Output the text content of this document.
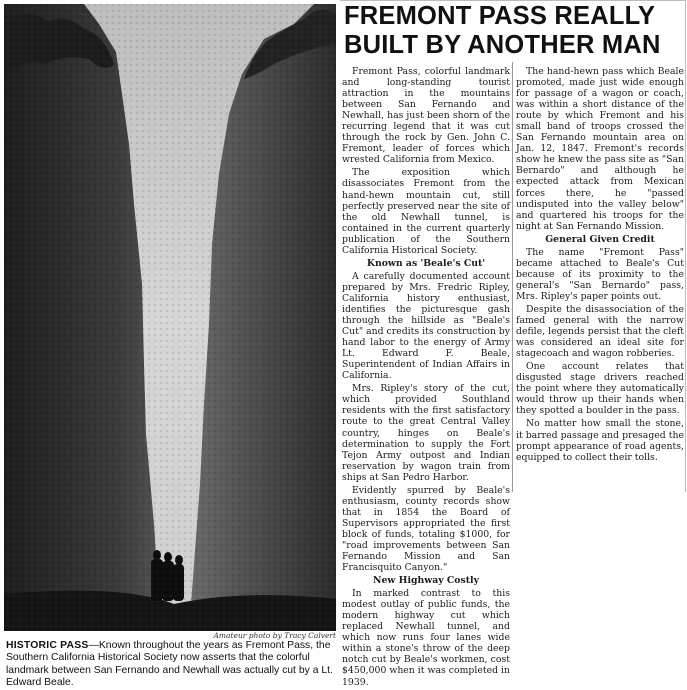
Amateur photo by Tracy Calvert
HISTORIC PASS—Known throughout the years as Fremont Pass, the Southern California Historical Society now asserts that the colorful landmark between San Fernando and Newhall was actually cut by a Lt. Edward Beale.
FREMONT PASS REALLY
BUILT BY ANOTHER MAN

Fremont Pass, colorful landmark and long-standing tourist attraction in the mountains between San Fernando and Newhall, has just been shorn of the recurring legend that it was cut through the rock by Gen. John C. Fremont, leader of forces which wrested California from Mexico.

The exposition which disassociates Fremont from the hand-hewn mountain cut, still perfectly preserved near the site of the old Newhall tunnel, is contained in the current quarterly publication of the Southern California Historical Society.

Known as 'Beale's Cut'

A carefully documented account prepared by Mrs. Fredric Ripley, California history enthusiast, identifies the picturesque gash through the hillside as "Beale's Cut" and credits its construction by hand labor to the energy of Army Lt. Edward F. Beale, Superintendent of Indian Affairs in California.

Mrs. Ripley's story of the cut, which provided Southland residents with the first satisfactory route to the great Central Valley country, hinges on Beale's determination to supply the Fort Tejon Army outpost and Indian reservation by wagon train from ships at San Pedro Harbor.

Evidently spurred by Beale's enthusiasm, county records show that in 1854 the Board of Supervisors appropriated the first block of funds, totaling $1000, for "road improvements between San Fernando Mission and San Francisquito Canyon."

New Highway Costly

In marked contrast to this modest outlay of public funds, the modern highway cut which replaced Newhall tunnel, and which now runs four lanes wide within a stone's throw of the deep notch cut by Beale's workmen, cost $450,000 when it was completed in 1939.

The hand-hewn pass which Beale promoted, made just wide enough for passage of a wagon or coach, was within a short distance of the route by which Fremont and his small band of troops crossed the San Fernando mountain area on Jan. 12, 1847. Fremont's records show he knew the pass site as "San Bernardo" and although he expected attack from Mexican forces there, he "passed undisputed into the valley below" and quartered his troops for the night at San Fernando Mission.

General Given Credit

The name "Fremont Pass" became attached to Beale's Cut because of its proximity to the general's "San Bernardo" pass, Mrs. Ripley's paper points out.

Despite the disassociation of the famed general with the narrow defile, legends persist that the cleft was considered an ideal site for stagecoach and wagon robberies.

One account relates that disgusted stage drivers reached the point where they automatically would throw up their hands when they spotted a boulder in the pass.

No matter how small the stone, it barred passage and presaged the prompt appearance of road agents, equipped to collect their tolls.
